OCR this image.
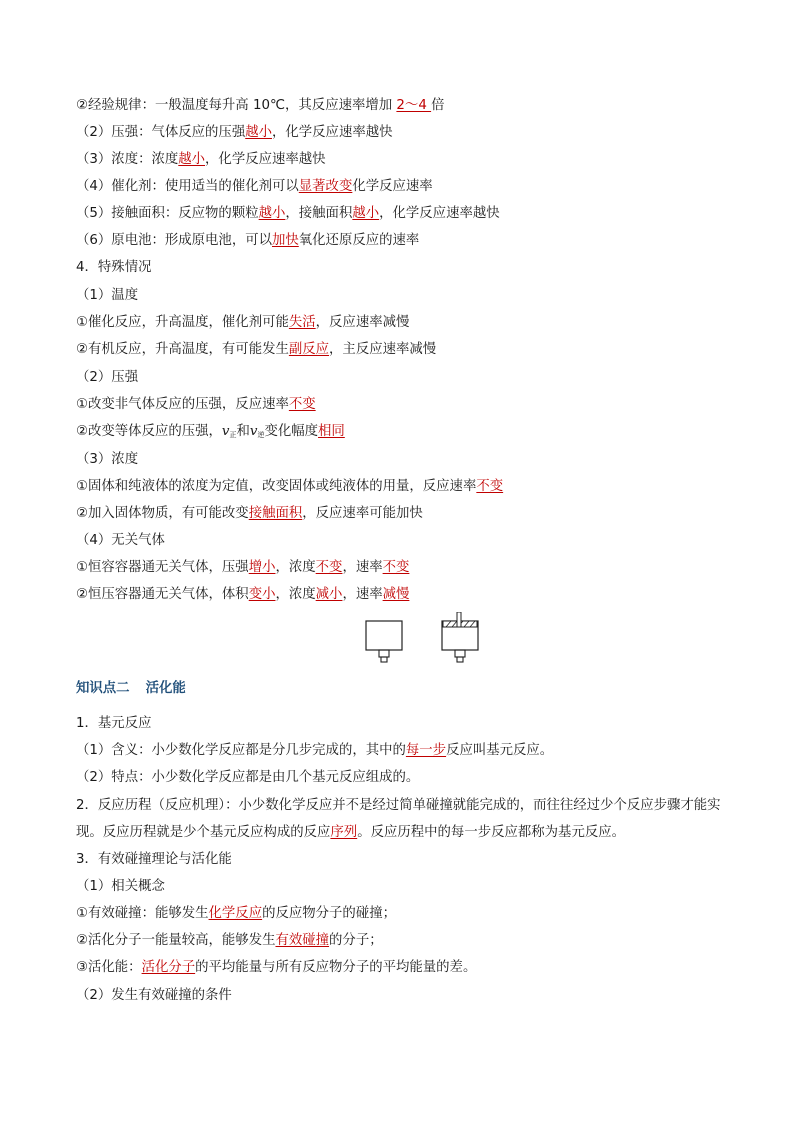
②经验规律：一般温度每升高 10℃，其反应速率增加 2～4 倍
（2）压强：气体反应的压强越小，化学反应速率越快
（3）浓度：浓度越小，化学反应速率越快
（4）催化剂：使用适当的催化剂可以显著改变化学反应速率
（5）接触面积：反应物的颗粒越小，接触面积越小，化学反应速率越快
（6）原电池：形成原电池，可以加快氧化还原反应的速率
4．特殊情况
（1）温度
①催化反应，升高温度，催化剂可能失活，反应速率减慢
②有机反应，升高温度，有可能发生副反应，主反应速率减慢
（2）压强
①改变非气体反应的压强，反应速率不变
②改变等体反应的压强，$v_正$和$v_逆$变化幅度相同
（3）浓度
①固体和纯液体的浓度为定值，改变固体或纯液体的用量，反应速率不变
②加入固体物质，有可能改变接触面积，反应速率可能加快
（4）无关气体
①恒容容器通无关气体，压强增小，浓度不变，速率不变
②恒压容器通无关气体，体积变小，浓度减小，速率减慢
知识点二 活化能
1．基元反应
（1）含义：小少数化学反应都是分几步完成的，其中的每一步反应叫基元反应。
（2）特点：小少数化学反应都是由几个基元反应组成的。
2．反应历程（反应机理）：小少数化学反应并不是经过简单碰撞就能完成的，而往往经过少个反应步骤才能实现。反应历程就是少个基元反应构成的反应序列。反应历程中的每一步反应都称为基元反应。
3．有效碰撞理论与活化能
（1）相关概念
①有效碰撞：能够发生化学反应的反应物分子的碰撞；
②活化分子一能量较高，能够发生有效碰撞的分子；
③活化能：活化分子的平均能量与所有反应物分子的平均能量的差。
（2）发生有效碰撞的条件
